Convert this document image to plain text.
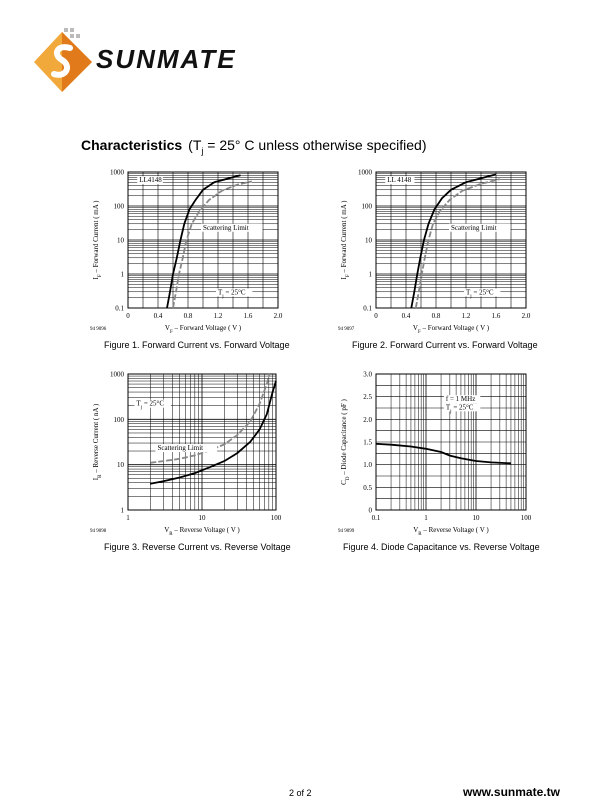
SUNMATE
Characteristics ($T_j = 25^\circ$ C unless otherwise specified)
0	0.4	0.8	1.2	1.6	2.0
0.1
1
10
100
1000
94 9096	$V_F$ – Forward Voltage ( V )
$I_F$ – Forward Current ( mA )
LL4148
Scattering Limit
$T_j = 25^\circ C$
0	0.4	0.8	1.2	1.6	2.0
0.1
1
10
100
1000
94 9097	$V_F$ – Forward Voltage ( V )
$I_F$ – Forward Current ( mA )
LL 4148
Scattering Limit
$T_j = 25^\circ C$
1	10	100
1
10
100
1000
94 9098	$V_R$ – Reverse Voltage ( V )
$I_R$ – Reverse Current ( nA )
$T_j = 25^\circ C$
Scattering Limit
0.1	1	10	100
0
0.5
1.0
1.5
2.0
2.5
3.0
94 9099	$V_R$ – Reverse Voltage ( V )
$C_D$ – Diode Capacitance ( pF )	f = 1 MHz
$T_j = 25^\circ C$
Figure 1. Forward Current vs. Forward Voltage	Figure 2. Forward Current vs. Forward Voltage
Figure 3. Reverse Current vs. Reverse Voltage	Figure 4. Diode Capacitance vs. Reverse Voltage
2 of 2	www.sunmate.tw
